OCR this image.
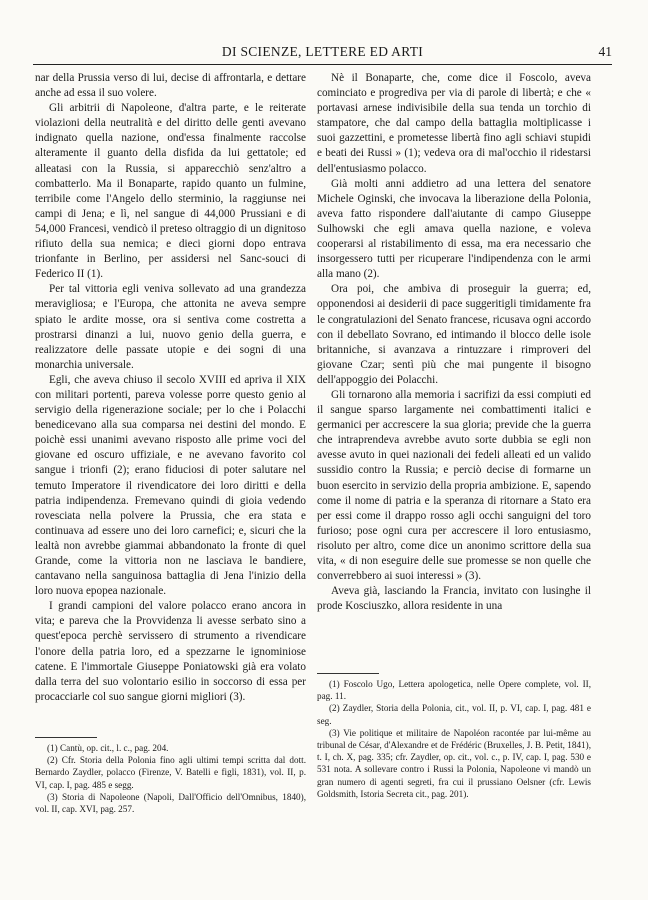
DI SCIENZE, LETTERE ED ARTI	41

nar della Prussia verso di lui, decise di affrontarla, e dettare anche ad essa il suo volere.

Gli arbitrii di Napoleone, d'altra parte, e le reiterate violazioni della neutralità e del diritto delle genti avevano indignato quella nazione, ond'essa finalmente raccolse alteramente il guanto della disfida da lui gettatole; ed alleatasi con la Russia, si apparecchiò senz'altro a combatterlo. Ma il Bonaparte, rapido quanto un fulmine, terribile come l'Angelo dello sterminio, la raggiunse nei campi di Jena; e lì, nel sangue di 44,000 Prussiani e di 54,000 Francesi, vendicò il preteso oltraggio di un dignitoso rifiuto della sua nemica; e dieci giorni dopo entrava trionfante in Berlino, per assidersi nel Sanc-souci di Federico II (1).

Per tal vittoria egli veniva sollevato ad una grandezza meravigliosa; e l'Europa, che attonita ne aveva sempre spiato le ardite mosse, ora si sentiva come costretta a prostrarsi dinanzi a lui, nuovo genio della guerra, e realizzatore delle passate utopie e dei sogni di una monarchia universale.

Egli, che aveva chiuso il secolo XVIII ed apriva il XIX con militari portenti, pareva volesse porre questo genio al servigio della rigenerazione sociale; per lo che i Polacchi benedicevano alla sua comparsa nei destini del mondo. E poichè essi unanimi avevano risposto alle prime voci del giovane ed oscuro uffiziale, e ne avevano favorito col sangue i trionfi (2); erano fiduciosi di poter salutare nel temuto Imperatore il rivendicatore dei loro diritti e della patria indipendenza. Fremevano quindi di gioia vedendo rovesciata nella polvere la Prussia, che era stata e continuava ad essere uno dei loro carnefici; e, sicuri che la lealtà non avrebbe giammai abbandonato la fronte di quel Grande, come la vittoria non ne lasciava le bandiere, cantavano nella sanguinosa battaglia di Jena l'inizio della loro nuova epopea nazionale.

I grandi campioni del valore polacco erano ancora in vita; e pareva che la Provvidenza li avesse serbato sino a quest'epoca perchè servissero di strumento a rivendicare l'onore della patria loro, ed a spezzarne le ignominiose catene. E l'immortale Giuseppe Poniatowski già era volato dalla terra del suo volontario esilio in soccorso di essa per procacciarle col suo sangue giorni migliori (3).

(1) Cantù, op. cit., l. c., pag. 204.

(2) Cfr. Storia della Polonia fino agli ultimi tempi scritta dal dott. Bernardo Zaydler, polacco (Firenze, V. Batelli e figli, 1831), vol. II, p. VI, cap. I, pag. 485 e segg.

(3) Storia di Napoleone (Napoli, Dall'Officio dell'Omnibus, 1840), vol. II, cap. XVI, pag. 257.

Nè il Bonaparte, che, come dice il Foscolo, aveva cominciato e progrediva per via di parole di libertà; e che « portavasi arnese indivisibile della sua tenda un torchio di stampatore, che dal campo della battaglia moltiplicasse i suoi gazzettini, e prometesse libertà fino agli schiavi stupidi e beati dei Russi » (1); vedeva ora di mal'occhio il ridestarsi dell'entusiasmo polacco.

Già molti anni addietro ad una lettera del senatore Michele Oginski, che invocava la liberazione della Polonia, aveva fatto rispondere dall'aiutante di campo Giuseppe Sulhowski che egli amava quella nazione, e voleva cooperarsi al ristabilimento di essa, ma era necessario che insorgessero tutti per ricuperare l'indipendenza con le armi alla mano (2).

Ora poi, che ambiva di proseguir la guerra; ed, opponendosi ai desiderii di pace suggeritigli timidamente fra le congratulazioni del Senato francese, ricusava ogni accordo con il debellato Sovrano, ed intimando il blocco delle isole britanniche, si avanzava a rintuzzare i rimproveri del giovane Czar; sentì più che mai pungente il bisogno dell'appoggio dei Polacchi.

Gli tornarono alla memoria i sacrifizi da essi compiuti ed il sangue sparso largamente nei combattimenti italici e germanici per accrescere la sua gloria; previde che la guerra che intraprendeva avrebbe avuto sorte dubbia se egli non avesse avuto in quei nazionali dei fedeli alleati ed un valido sussidio contro la Russia; e perciò decise di formarne un buon esercito in servizio della propria ambizione. E, sapendo come il nome di patria e la speranza di ritornare a Stato era per essi come il drappo rosso agli occhi sanguigni del toro furioso; pose ogni cura per accrescere il loro entusiasmo, risoluto per altro, come dice un anonimo scrittore della sua vita, « di non eseguire delle sue promesse se non quelle che converrebbero ai suoi interessi » (3).

Aveva già, lasciando la Francia, invitato con lusinghe il prode Kosciuszko, allora residente in una

(1) Foscolo Ugo, Lettera apologetica, nelle Opere complete, vol. II, pag. 11.

(2) Zaydler, Storia della Polonia, cit., vol. II, p. VI, cap. I, pag. 481 e seg.

(3) Vie politique et militaire de Napoléon racontée par lui-même au tribunal de César, d'Alexandre et de Frédéric (Bruxelles, J. B. Petit, 1841), t. I, ch. X, pag. 335; cfr. Zaydler, op. cit., vol. c., p. IV, cap. I, pag. 530 e 531 nota. A sollevare contro i Russi la Polonia, Napoleone vi mandò un gran numero di agenti segreti, fra cui il prussiano Oelsner (cfr. Lewis Goldsmith, Istoria Secreta cit., pag. 201).
